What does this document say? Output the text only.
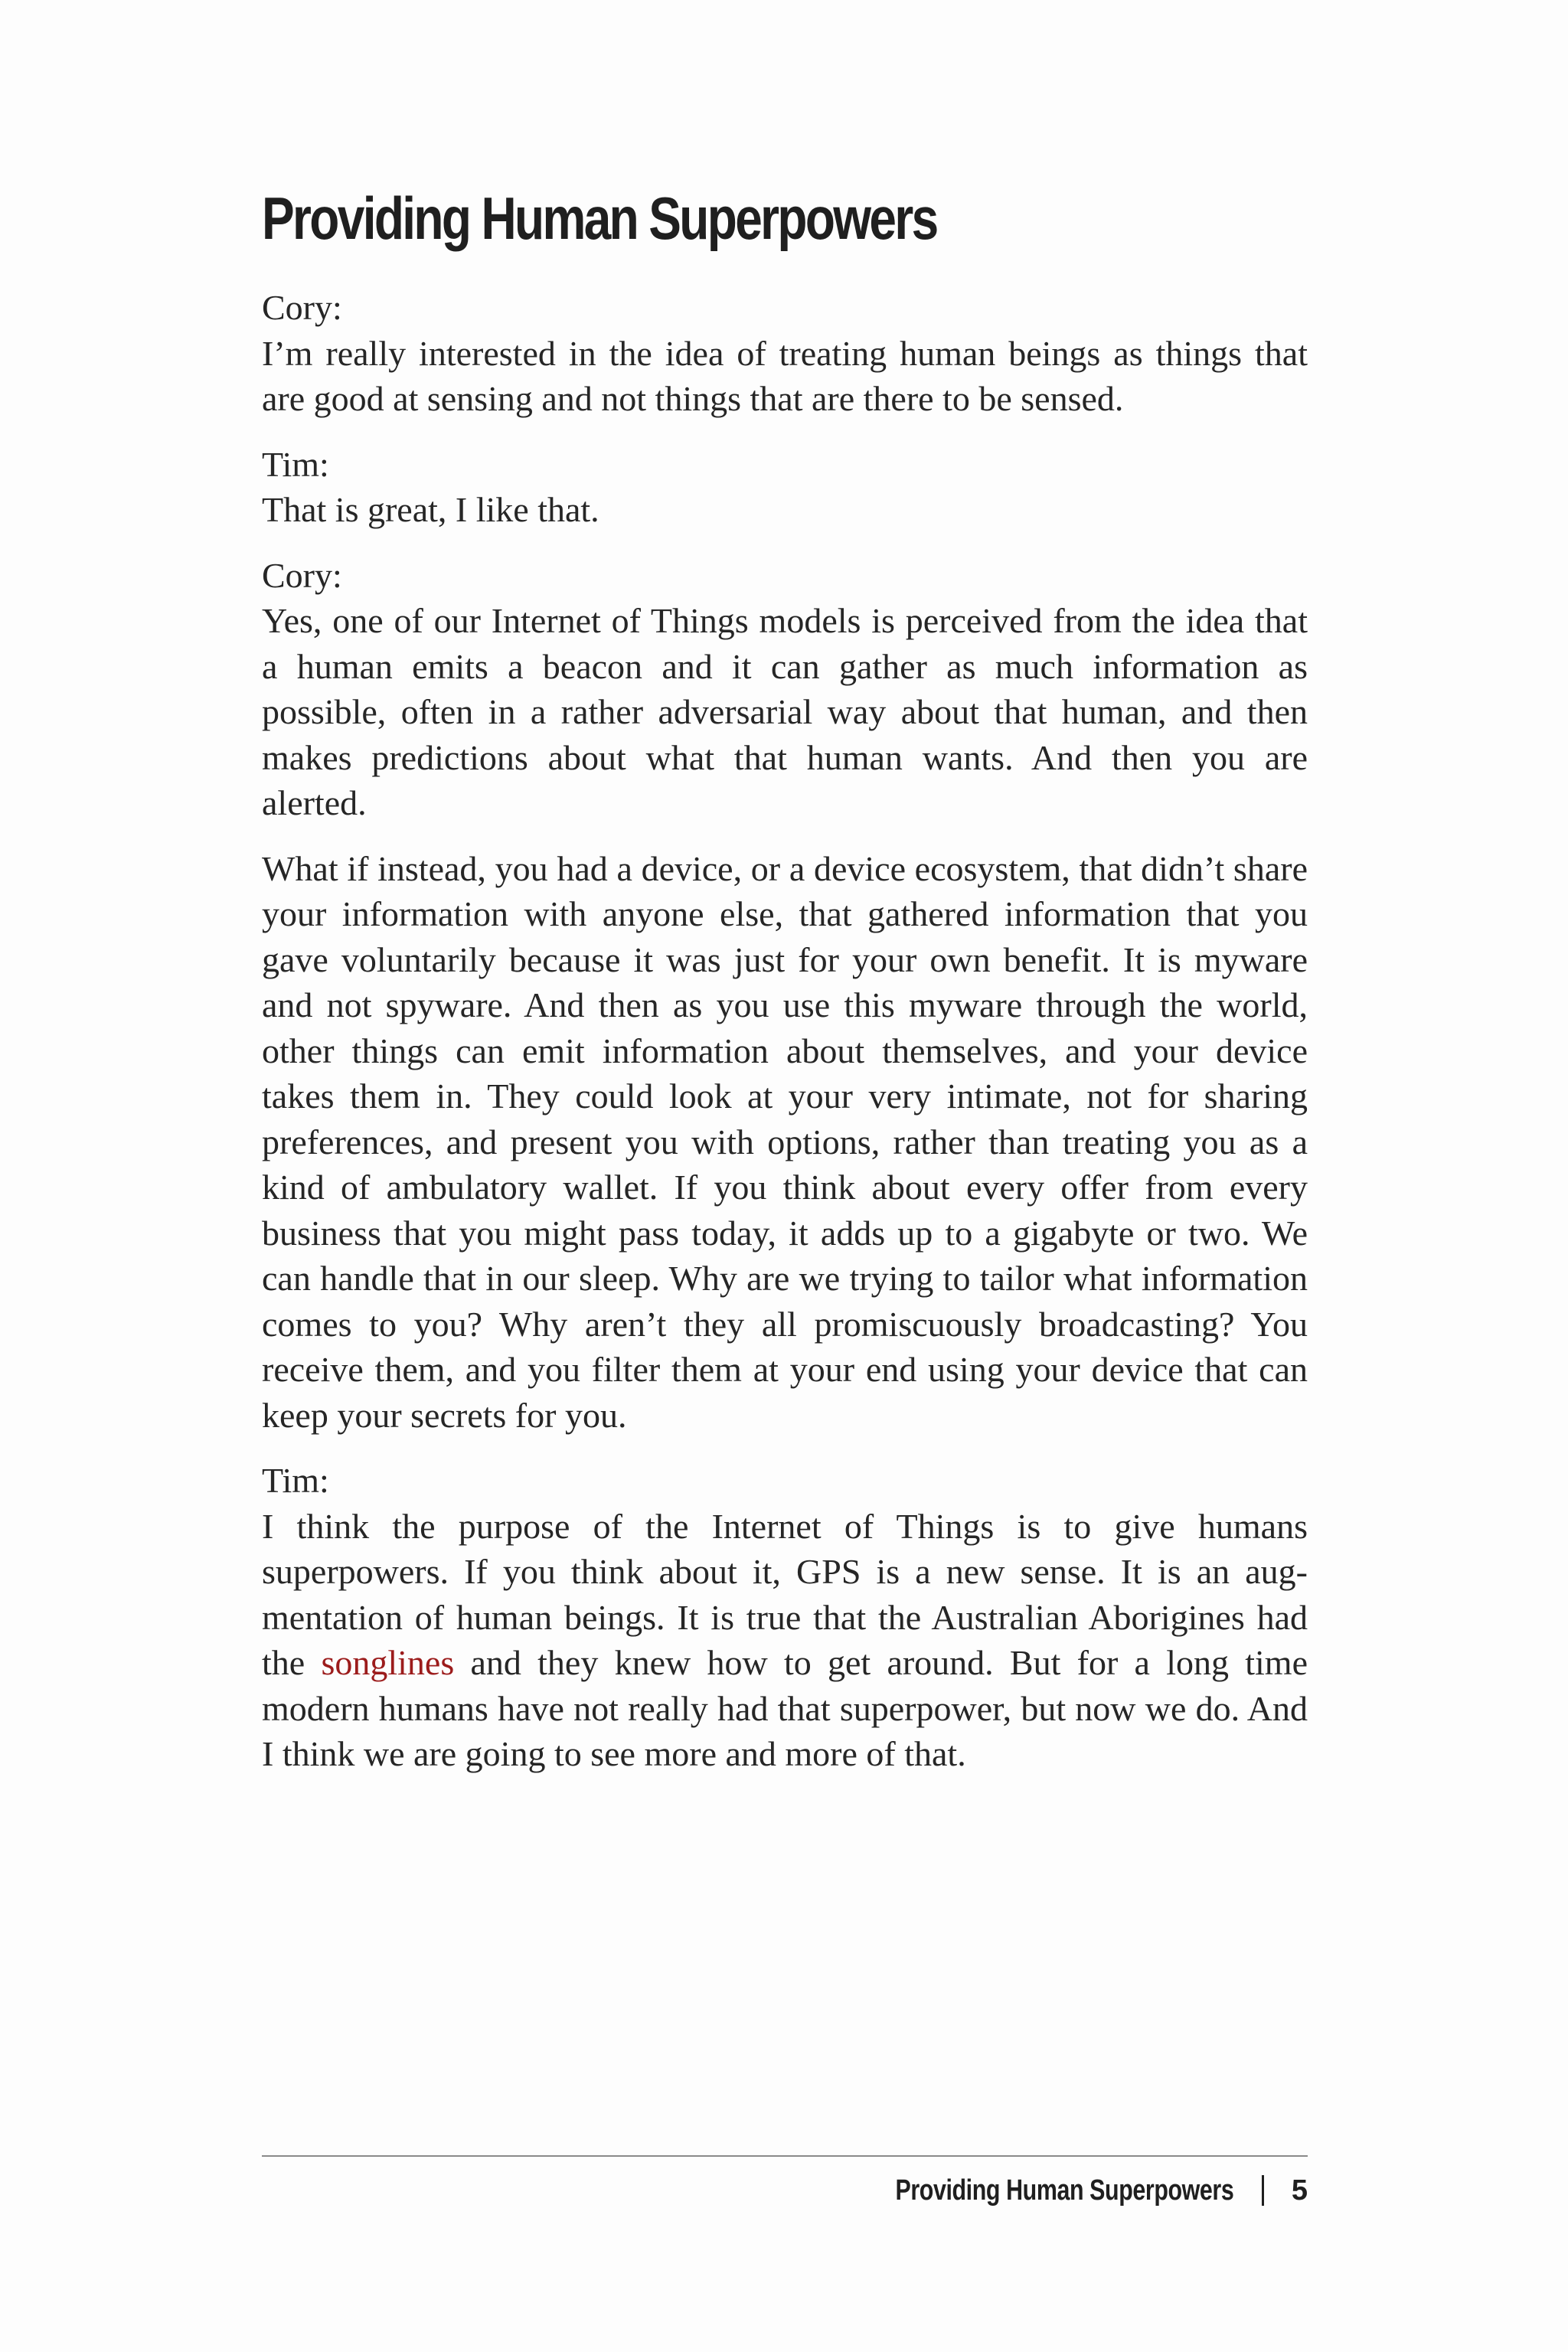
Providing Human Superpowers

Cory:

I’m really interested in the idea of treating human beings as things that are good at sensing and not things that are there to be sensed.

Tim:

That is great, I like that.

Cory:

Yes, one of our Internet of Things models is perceived from the idea that a human emits a beacon and it can gather as much information as possible, often in a rather adversarial way about that human, and then makes predictions about what that human wants. And then you are alerted.

What if instead, you had a device, or a device ecosystem, that didn’t share your information with anyone else, that gathered information that you gave voluntarily because it was just for your own benefit. It is myware and not spyware. And then as you use this myware through the world, other things can emit information about themselves, and your device takes them in. They could look at your very intimate, not for sharing preferences, and present you with options, rather than treating you as a kind of ambulatory wallet. If you think about every offer from every business that you might pass today, it adds up to a gigabyte or two. We can handle that in our sleep. Why are we trying to tailor what information comes to you? Why aren’t they all promiscuously broadcasting? You receive them, and you filter them at your end using your device that can keep your secrets for you.

Tim:

I think the purpose of the Internet of Things is to give humans superpowers. If you think about it, GPS is a new sense. It is an augmentation of human beings. It is true that the Australian Aborigines had the songlines and they knew how to get around. But for a long time modern humans have not really had that superpower, but now we do. And I think we are going to see more and more of that.

Providing Human Superpowers 5
